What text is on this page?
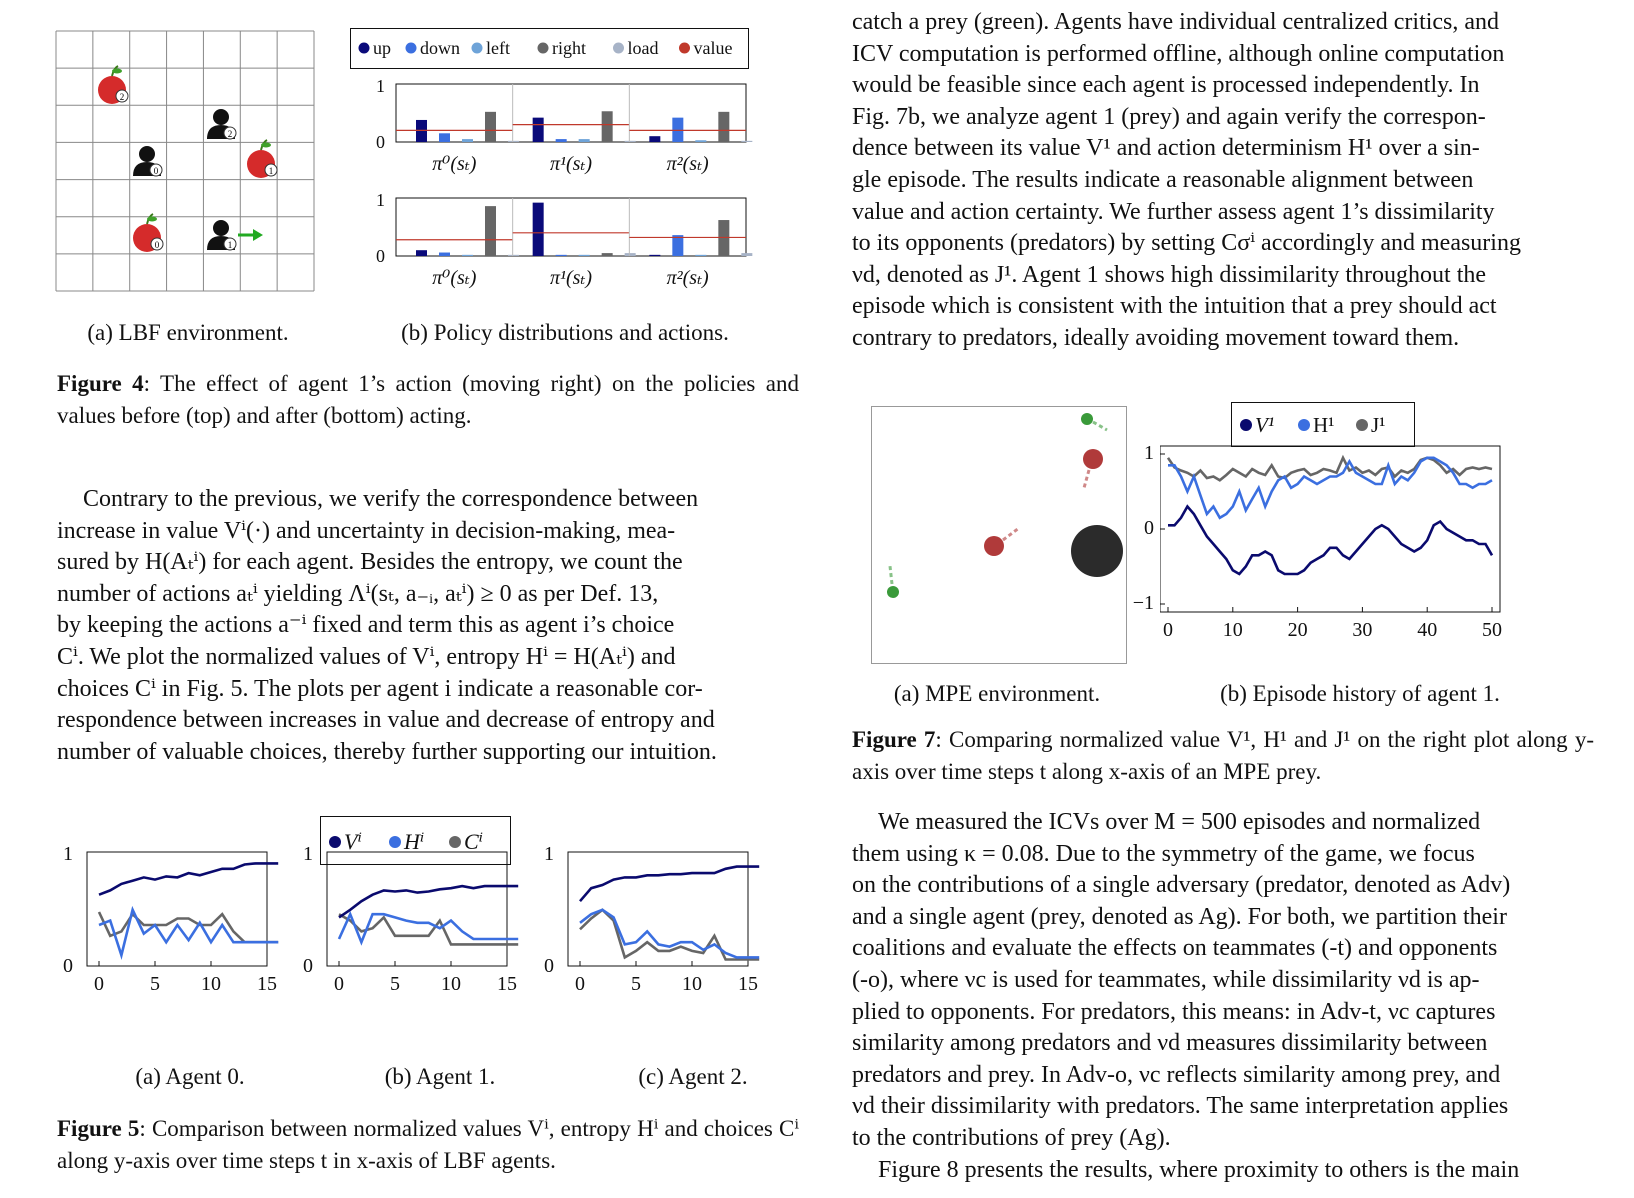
2
1
0
2
0
1
up down left right load value
1
0
π⁰(sₜ)	π¹(sₜ)	π²(sₜ)
1
0
π⁰(sₜ)	π¹(sₜ)	π²(sₜ)
(a) LBF environment.	(b) Policy distributions and actions.
Figure 4: The effect of agent 1’s action (moving right) on the policies and values before (top) and after (bottom) acting.

Contrary to the previous, we verify the correspondence between

increase in value Vⁱ(·) and uncertainty in decision-making, mea-

sured by H(Aₜⁱ) for each agent. Besides the entropy, we count the

number of actions aₜⁱ yielding Λⁱ(sₜ, a₋ᵢ, aₜⁱ) ≥ 0 as per Def. 13,

by keeping the actions a⁻ⁱ fixed and term this as agent i’s choice

Cⁱ. We plot the normalized values of Vⁱ, entropy Hⁱ = H(Aₜⁱ) and

choices Cⁱ in Fig. 5. The plots per agent i indicate a reasonable cor-

respondence between increases in value and decrease of entropy and

number of valuable choices, thereby further supporting our intuition.

Vⁱ Hⁱ Cⁱ
1
0
0 5 10 15
1
0
0 5 10 15
1
0
0 5 10 15
(a) Agent 0.	(b) Agent 1.	(c) Agent 2.
Figure 5: Comparison between normalized values Vⁱ, entropy Hⁱ and choices Cⁱ along y-axis over time steps t in x-axis of LBF agents.

catch a prey (green). Agents have individual centralized critics, and

ICV computation is performed offline, although online computation

would be feasible since each agent is processed independently. In

Fig. 7b, we analyze agent 1 (prey) and again verify the correspon-

dence between its value V¹ and action determinism H¹ over a sin-

gle episode. The results indicate a reasonable alignment between

value and action certainty. We further assess agent 1’s dissimilarity

to its opponents (predators) by setting Cσⁱ accordingly and measuring

νd, denoted as J¹. Agent 1 shows high dissimilarity throughout the

episode which is consistent with the intuition that a prey should act

contrary to predators, ideally avoiding movement toward them.

V¹ H¹ J¹
0 10 20 30 40 50
(a) MPE environment.	(b) Episode history of agent 1.
Figure 7: Comparing normalized value V¹, H¹ and J¹ on the right plot along y-axis over time steps t along x-axis of an MPE prey.

We measured the ICVs over M = 500 episodes and normalized

them using κ = 0.08. Due to the symmetry of the game, we focus

on the contributions of a single adversary (predator, denoted as Adv)

and a single agent (prey, denoted as Ag). For both, we partition their

coalitions and evaluate the effects on teammates (-t) and opponents

(-o), where νc is used for teammates, while dissimilarity νd is ap-

plied to opponents. For predators, this means: in Adv-t, νc captures

similarity among predators and νd measures dissimilarity between

predators and prey. In Adv-o, νc reflects similarity among prey, and

νd their dissimilarity with predators. The same interpretation applies

to the contributions of prey (Ag).

Figure 8 presents the results, where proximity to others is the main

1
0
−1
